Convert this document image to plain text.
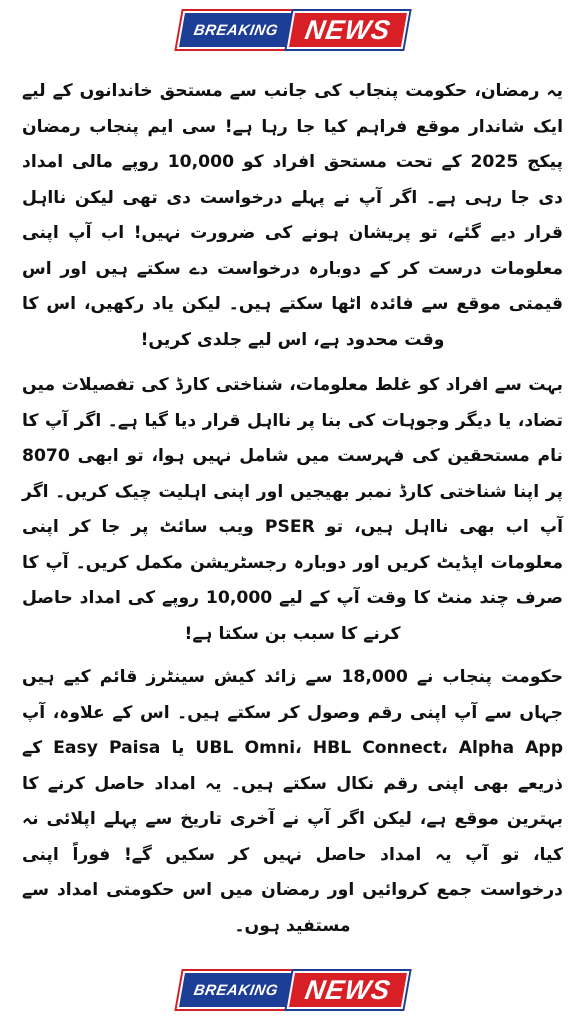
BREAKING NEWS

یہ رمضان، حکومت پنجاب کی جانب سے مستحق خاندانوں کے لیے ایک شاندار موقع فراہم کیا جا رہا ہے! سی ایم پنجاب رمضان پیکج 2025 کے تحت مستحق افراد کو 10,000 روپے مالی امداد دی جا رہی ہے۔ اگر آپ نے پہلے درخواست دی تھی لیکن نااہل قرار دیے گئے، تو پریشان ہونے کی ضرورت نہیں! اب آپ اپنی معلومات درست کر کے دوبارہ درخواست دے سکتے ہیں اور اس قیمتی موقع سے فائدہ اٹھا سکتے ہیں۔ لیکن یاد رکھیں، اس کا وقت محدود ہے، اس لیے جلدی کریں!

بہت سے افراد کو غلط معلومات، شناختی کارڈ کی تفصیلات میں تضاد، یا دیگر وجوہات کی بنا پر نااہل قرار دیا گیا ہے۔ اگر آپ کا نام مستحقین کی فہرست میں شامل نہیں ہوا، تو ابھی 8070 پر اپنا شناختی کارڈ نمبر بھیجیں اور اپنی اہلیت چیک کریں۔ اگر آپ اب بھی نااہل ہیں، تو PSER ویب سائٹ پر جا کر اپنی معلومات اپڈیٹ کریں اور دوبارہ رجسٹریشن مکمل کریں۔ آپ کا صرف چند منٹ کا وقت آپ کے لیے 10,000 روپے کی امداد حاصل کرنے کا سبب بن سکتا ہے!

حکومت پنجاب نے 18,000 سے زائد کیش سینٹرز قائم کیے ہیں جہاں سے آپ اپنی رقم وصول کر سکتے ہیں۔ اس کے علاوہ، آپ UBL Omni، HBL Connect، Alpha App یا Easy Paisa کے ذریعے بھی اپنی رقم نکال سکتے ہیں۔ یہ امداد حاصل کرنے کا بہترین موقع ہے، لیکن اگر آپ نے آخری تاریخ سے پہلے اپلائی نہ کیا، تو آپ یہ امداد حاصل نہیں کر سکیں گے! فوراً اپنی درخواست جمع کروائیں اور رمضان میں اس حکومتی امداد سے مستفید ہوں۔

BREAKING NEWS
